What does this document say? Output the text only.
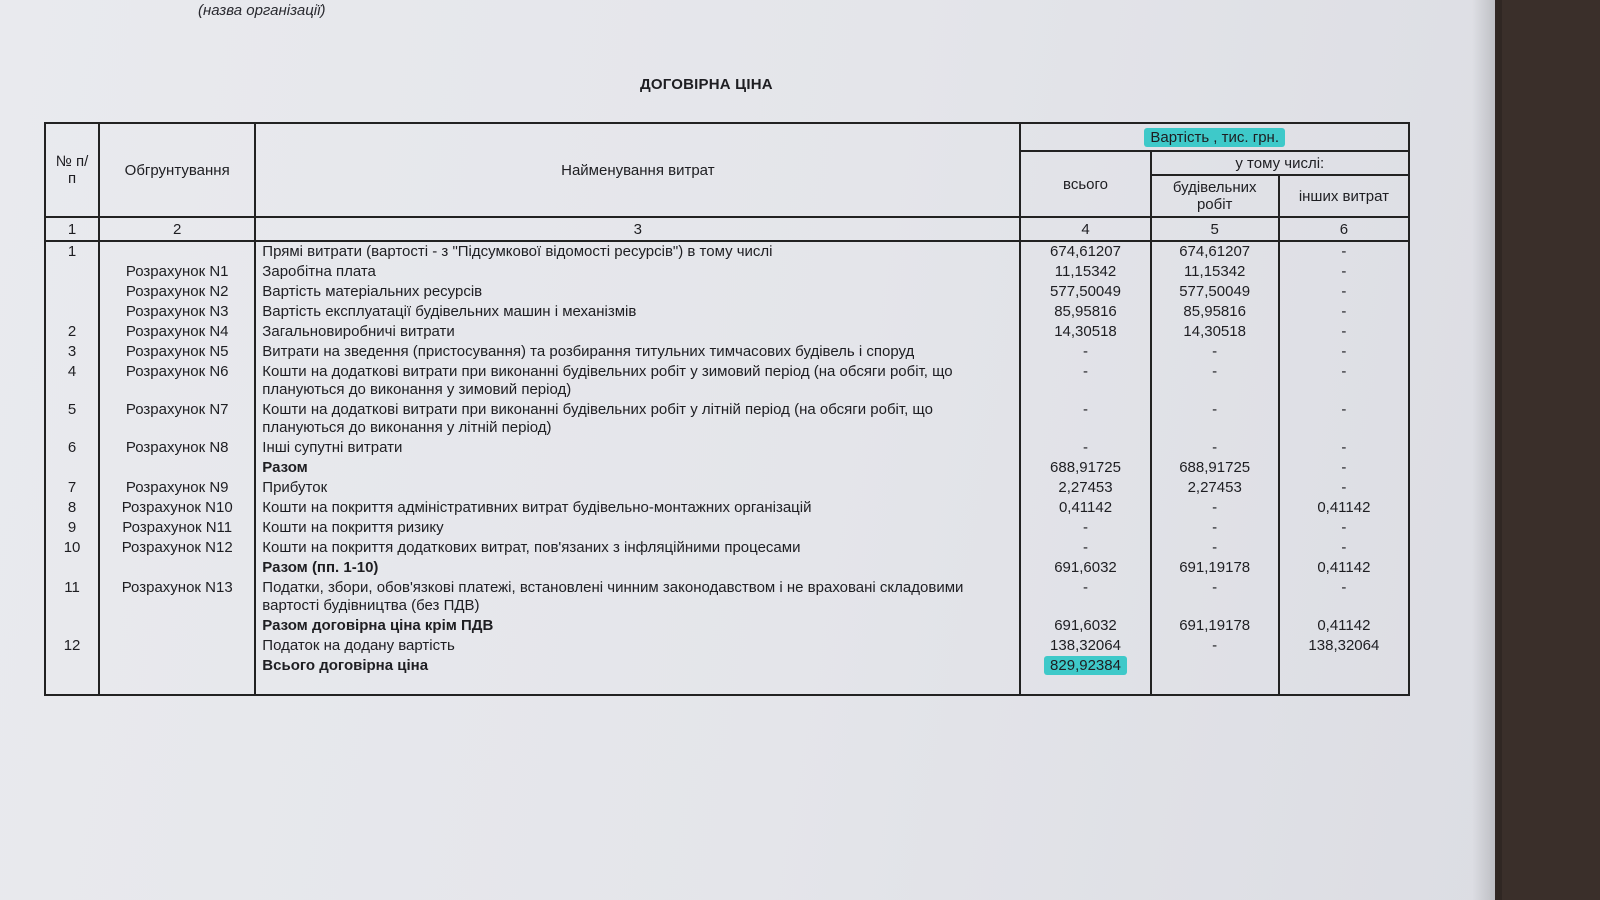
(назва організації)
ДОГОВІРНА ЦІНА
№ п/п	Обгрунтування	Найменування витрат	Вартість , тис. грн.		
			всього	у тому числі:	
				будівельних робіт	інших витрат
1	2	3	4	5	6
1		Прямі витрати (вартості - з "Підсумкової відомості ресурсів") в тому числі	674,61207	674,61207	-
	Розрахунок N1	Заробітна плата	11,15342	11,15342	-
	Розрахунок N2	Вартість матеріальних ресурсів	577,50049	577,50049	-
	Розрахунок N3	Вартість експлуатації будівельних машин і механізмів	85,95816	85,95816	-
2	Розрахунок N4	Загальновиробничі витрати	14,30518	14,30518	-
3	Розрахунок N5	Витрати на зведення (пристосування) та розбирання титульних тимчасових будівель і споруд	-	-	-
4	Розрахунок N6	Кошти на додаткові витрати при виконанні будівельних робіт у зимовий період (на обсяги робіт, що плануються до виконання у зимовий період)	-	-	-
5	Розрахунок N7	Кошти на додаткові витрати при виконанні будівельних робіт у літній період (на обсяги робіт, що плануються до виконання у літній період)	-	-	-
6	Розрахунок N8	Інші супутні витрати	-	-	-
		Разом	688,91725	688,91725	-
7	Розрахунок N9	Прибуток	2,27453	2,27453	-
8	Розрахунок N10	Кошти на покриття адміністративних витрат будівельно-монтажних організацій	0,41142	-	0,41142
9	Розрахунок N11	Кошти на покриття ризику	-	-	-
10	Розрахунок N12	Кошти на покриття додаткових витрат, пов'язаних з інфляційними процесами	-	-	-
		Разом (пп. 1-10)	691,6032	691,19178	0,41142
11	Розрахунок N13	Податки, збори, обов'язкові платежі, встановлені чинним законодавством і не враховані складовими вартості будівництва (без ПДВ)	-	-	-
		Разом договірна ціна крім ПДВ	691,6032	691,19178	0,41142
12		Податок на додану вартість	138,32064	-	138,32064
		Всього договірна ціна	829,92384		
